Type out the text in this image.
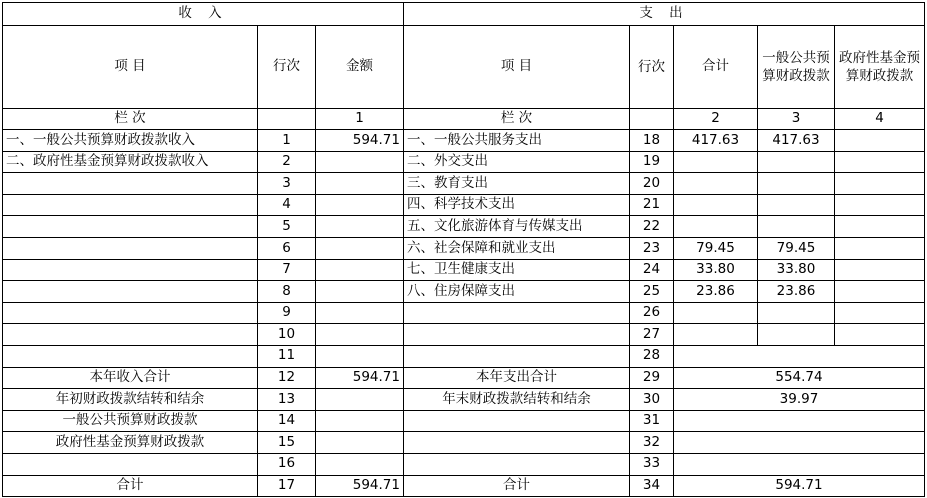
收 入			支 出				
项 目	行次	金额	项 目	行次	合计	一般公共预算财政拨款	政府性基金预算财政拨款
栏 次		1	栏 次		2	3	4
一、一般公共预算财政拨款收入	1	594.71	一、一般公共服务支出	18	417.63	417.63	
二、政府性基金预算财政拨款收入	2		二、外交支出	19			
	3		三、教育支出	20			
	4		四、科学技术支出	21			
	5		五、文化旅游体育与传媒支出	22			
	6		六、社会保障和就业支出	23	79.45	79.45	
	7		七、卫生健康支出	24	33.80	33.80	
	8		八、住房保障支出	25	23.86	23.86	
	9			26			
	10			27			
	11			28			
本年收入合计	12	594.71	本年支出合计	29	554.74		
年初财政拨款结转和结余	13		年末财政拨款结转和结余	30	39.97		
一般公共预算财政拨款	14			31			
政府性基金预算财政拨款	15			32			
	16			33			
合计	17	594.71	合计	34	594.71		
